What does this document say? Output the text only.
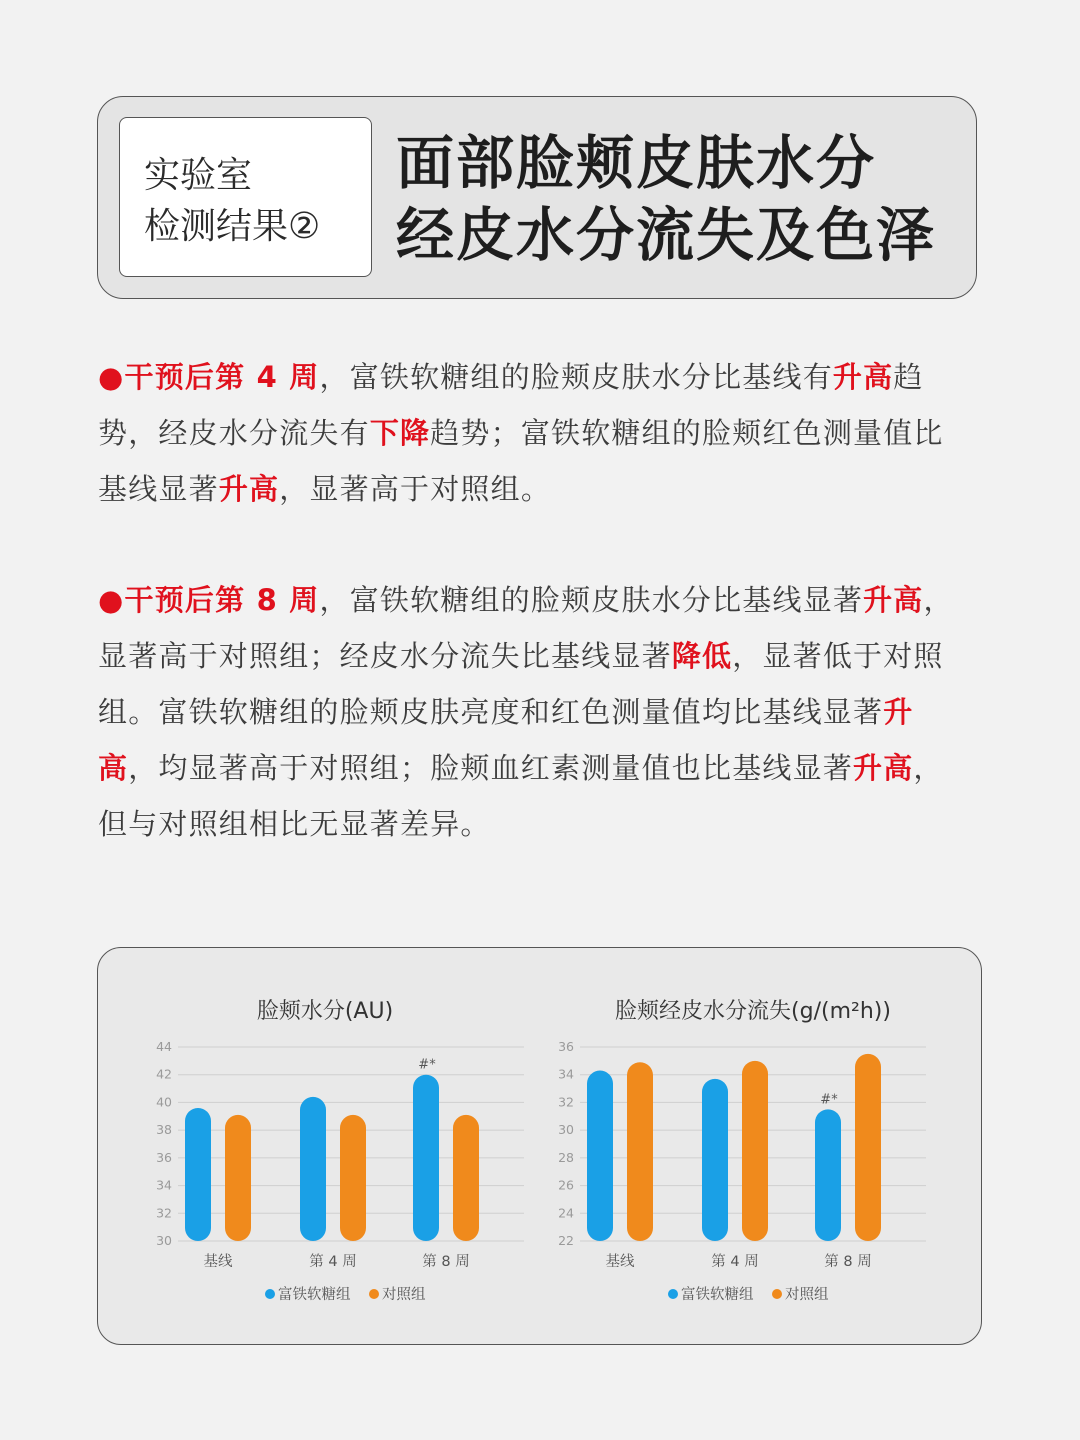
实验室
检测结果②
面部脸颊皮肤水分
经皮水分流失及色泽
●干预后第 4 周，富铁软糖组的脸颊皮肤水分比基线有升高趋
势，经皮水分流失有下降趋势；富铁软糖组的脸颊红色测量值比
基线显著升高，显著高于对照组。
●干预后第 8 周，富铁软糖组的脸颊皮肤水分比基线显著升高，
显著高于对照组；经皮水分流失比基线显著降低，显著低于对照
组。富铁软糖组的脸颊皮肤亮度和红色测量值均比基线显著升
高，均显著高于对照组；脸颊血红素测量值也比基线显著升高，
但与对照组相比无显著差异。
脸颊水分(AU)
44
42
40
38
36
34
32
30
基线	第 4 周	第 8 周
#*
富铁软糖组 对照组
脸颊经皮水分流失(g/(m²h))
36
34
32
30
28
26
24
22
基线	第 4 周	第 8 周
#*
富铁软糖组 对照组
